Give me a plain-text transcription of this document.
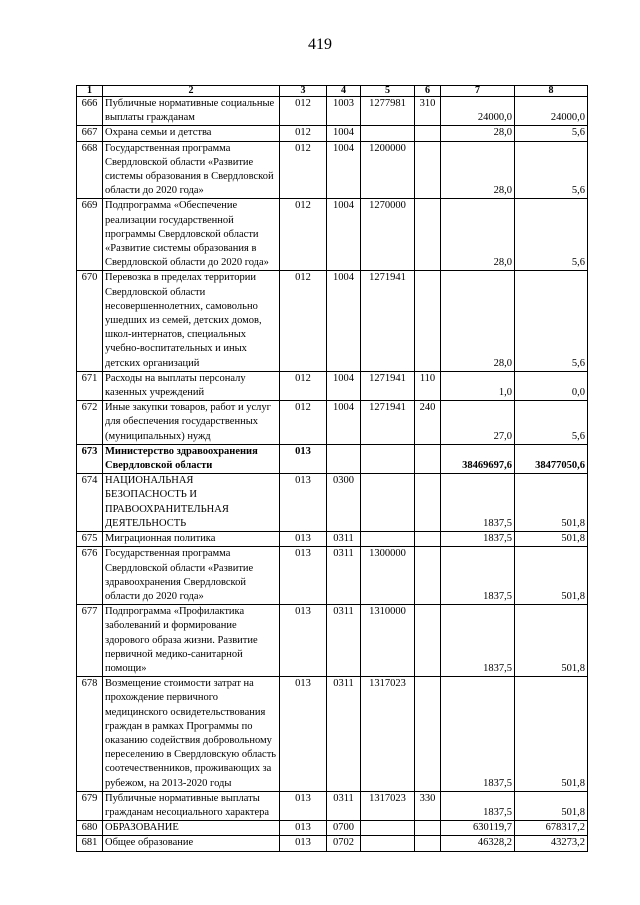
419
1	2	3	4	5	6	7	8
666	Публичные нормативные социальные выплаты гражданам	012	1003	1277981	310	24000,0	24000,0
667	Охрана семьи и детства	012	1004			28,0	5,6
668	Государственная программа Свердловской области «Развитие системы образования в Свердловской области до 2020 года»	012	1004	1200000		28,0	5,6
669	Подпрограмма «Обеспечение реализации государственной программы Свердловской области «Развитие системы образования в Свердловской области до 2020 года»	012	1004	1270000		28,0	5,6
670	Перевозка в пределах территории Свердловской области несовершеннолетних, самовольно ушедших из семей, детских домов, школ-интернатов, специальных учебно-воспитательных и иных детских организаций	012	1004	1271941		28,0	5,6
671	Расходы на выплаты персоналу казенных учреждений	012	1004	1271941	110	1,0	0,0
672	Иные закупки товаров, работ и услуг для обеспечения государственных (муниципальных) нужд	012	1004	1271941	240	27,0	5,6
673	Министерство здравоохранения Свердловской области	013				38469697,6	38477050,6
674	НАЦИОНАЛЬНАЯ БЕЗОПАСНОСТЬ И ПРАВООХРАНИТЕЛЬНАЯ ДЕЯТЕЛЬНОСТЬ	013	0300			1837,5	501,8
675	Миграционная политика	013	0311			1837,5	501,8
676	Государственная программа Свердловской области «Развитие здравоохранения Свердловской области до 2020 года»	013	0311	1300000		1837,5	501,8
677	Подпрограмма «Профилактика заболеваний и формирование здорового образа жизни. Развитие первичной медико-санитарной помощи»	013	0311	1310000		1837,5	501,8
678	Возмещение стоимости затрат на прохождение первичного медицинского освидетельствования граждан в рамках Программы по оказанию содействия добровольному переселению в Свердловскую область соотечественников, проживающих за рубежом, на 2013-2020 годы	013	0311	1317023		1837,5	501,8
679	Публичные нормативные выплаты гражданам несоциального характера	013	0311	1317023	330	1837,5	501,8
680	ОБРАЗОВАНИЕ	013	0700			630119,7	678317,2
681	Общее образование	013	0702			46328,2	43273,2
